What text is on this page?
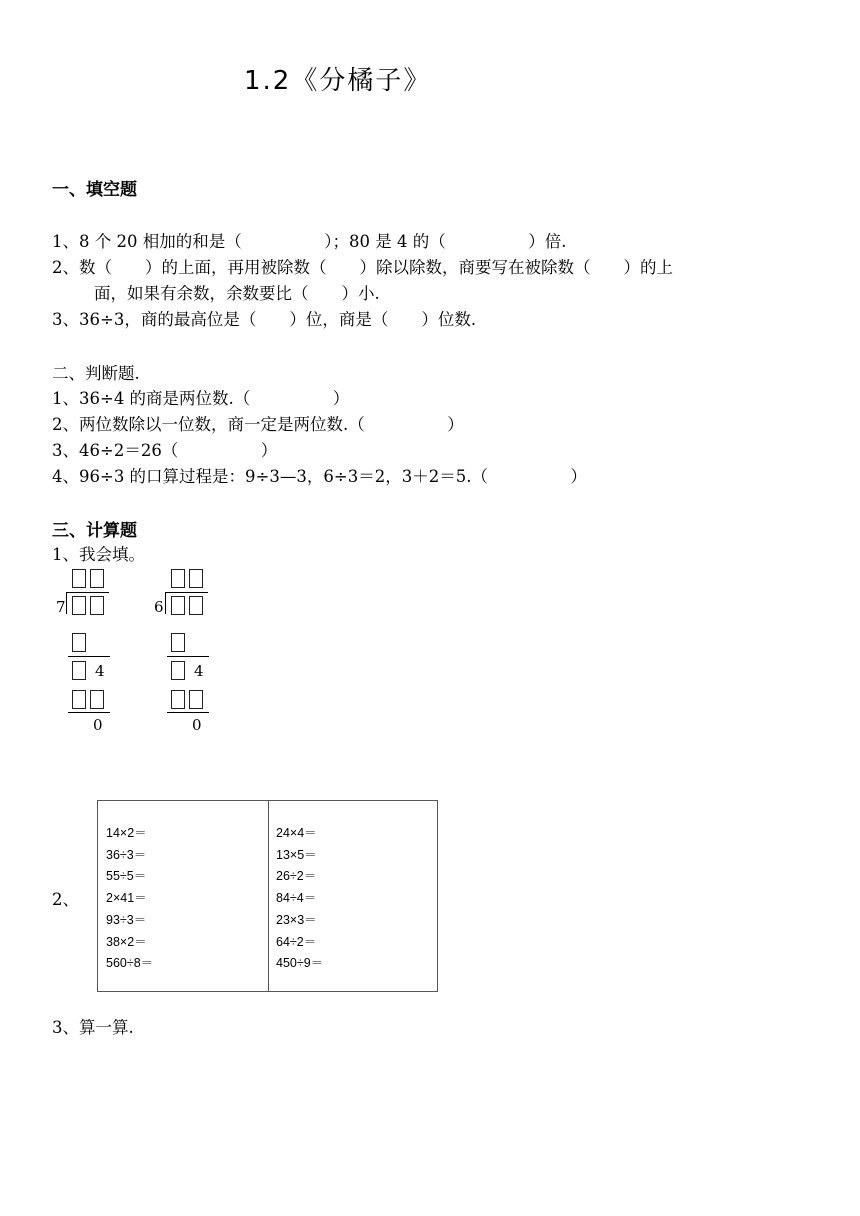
1.2《分橘子》
一、填空题
1、8 个 20 相加的和是（　　　　　）；80 是 4 的（　　　　　）倍.
2、数（　　）的上面，再用被除数（　　）除以除数，商要写在被除数（　　）的上
面，如果有余数，余数要比（　　）小.
3、36÷3，商的最高位是（　　）位，商是（　　）位数.
二、判断题.
1、36÷4 的商是两位数.（　　　　　）
2、两位数除以一位数，商一定是两位数.（　　　　　）
3、46÷2＝26（　　　　　）
4、96÷3 的口算过程是：9÷3—3，6÷3＝2，3＋2＝5.（　　　　　）
三、计算题
1、我会填。
7
4
0
6
4
0
2、
14×2＝
36÷3＝
55÷5＝
2×41＝
93÷3＝
38×2＝
560÷8＝
24×4＝
13×5＝
26÷2＝
84÷4＝
23×3＝
64÷2＝
450÷9＝
3、算一算.
